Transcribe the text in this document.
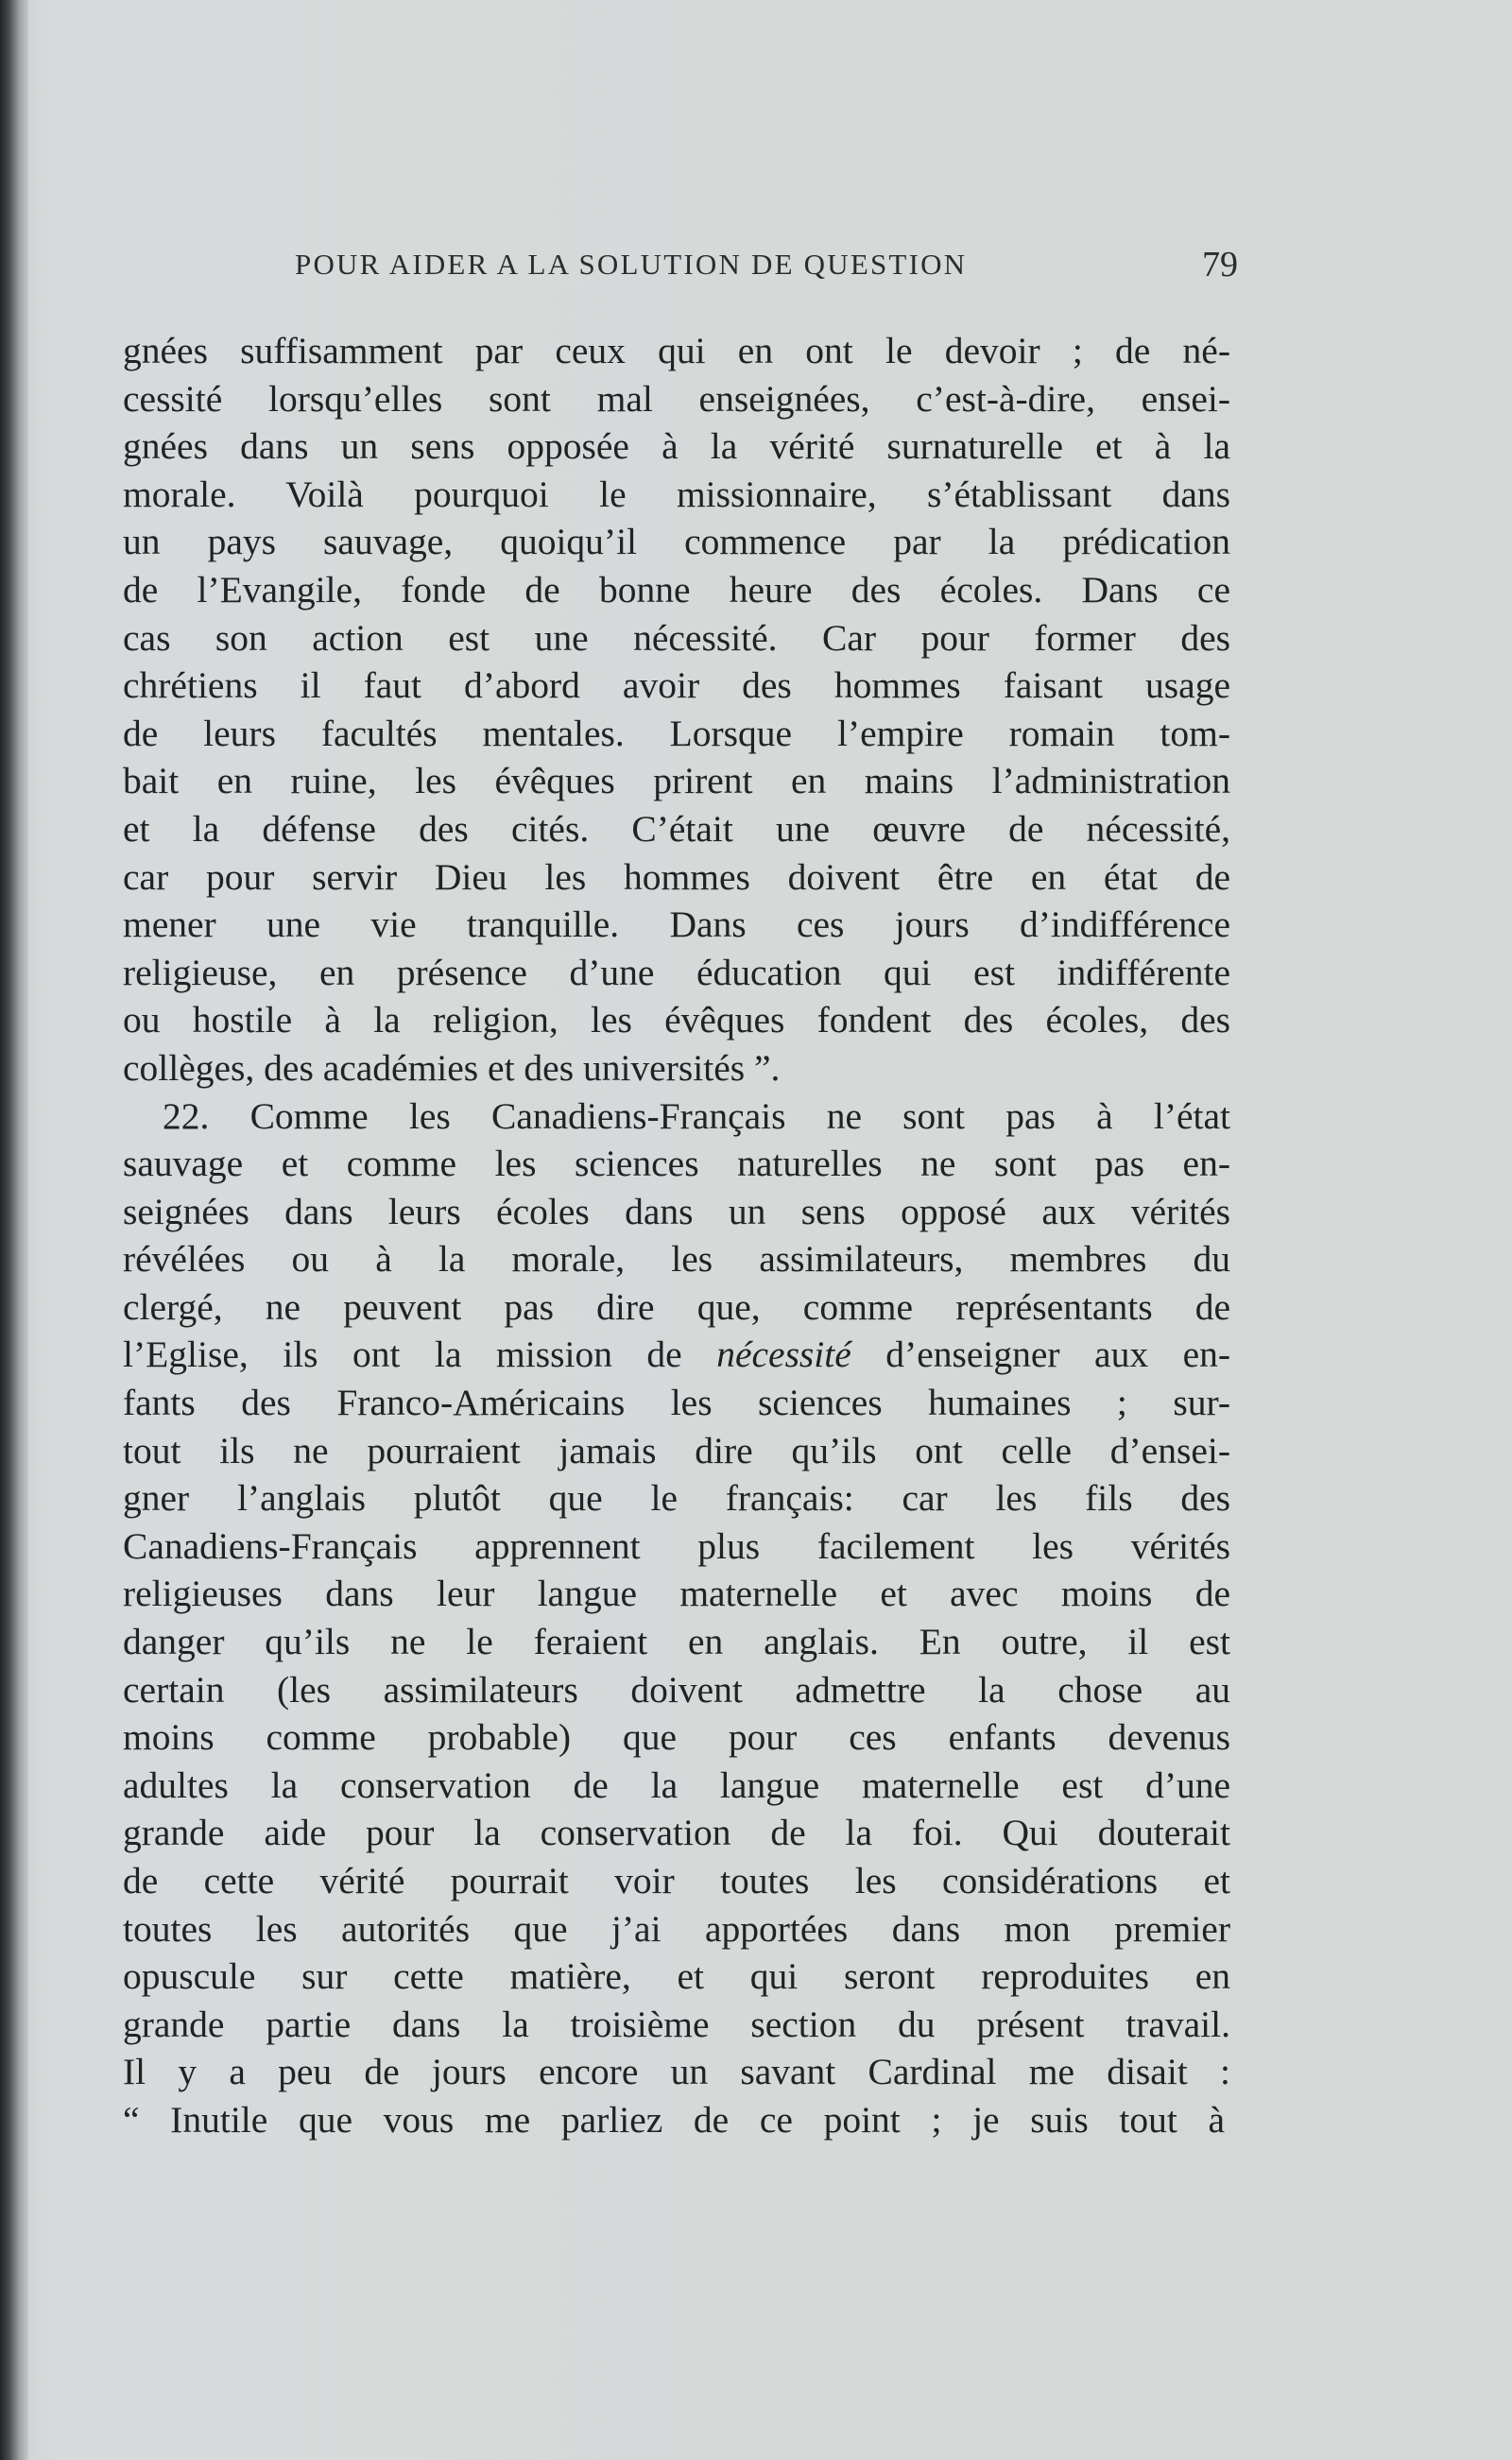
POUR AIDER A LA SOLUTION DE QUESTION	79
gnées suffisamment par ceux qui en ont le devoir ; de né-
cessité lorsqu’elles sont mal enseignées, c’est-à-dire, ensei-
gnées dans un sens opposée à la vérité surnaturelle et à la
morale. Voilà pourquoi le missionnaire, s’établissant dans
un pays sauvage, quoiqu’il commence par la prédication
de l’Evangile, fonde de bonne heure des écoles. Dans ce
cas son action est une nécessité. Car pour former des
chrétiens il faut d’abord avoir des hommes faisant usage
de leurs facultés mentales. Lorsque l’empire romain tom-
bait en ruine, les évêques prirent en mains l’administration
et la défense des cités. C’était une œuvre de nécessité,
car pour servir Dieu les hommes doivent être en état de
mener une vie tranquille. Dans ces jours d’indifférence
religieuse, en présence d’une éducation qui est indifférente
ou hostile à la religion, les évêques fondent des écoles, des
collèges, des académies et des universités ”.
22. Comme les Canadiens-Français ne sont pas à l’état
sauvage et comme les sciences naturelles ne sont pas en-
seignées dans leurs écoles dans un sens opposé aux vérités
révélées ou à la morale, les assimilateurs, membres du
clergé, ne peuvent pas dire que, comme représentants de
l’Eglise, ils ont la mission de nécessité d’enseigner aux en-
fants des Franco-Américains les sciences humaines ; sur-
tout ils ne pourraient jamais dire qu’ils ont celle d’ensei-
gner l’anglais plutôt que le français: car les fils des
Canadiens-Français apprennent plus facilement les vérités
religieuses dans leur langue maternelle et avec moins de
danger qu’ils ne le feraient en anglais. En outre, il est
certain (les assimilateurs doivent admettre la chose au
moins comme probable) que pour ces enfants devenus
adultes la conservation de la langue maternelle est d’une
grande aide pour la conservation de la foi. Qui douterait
de cette vérité pourrait voir toutes les considérations et
toutes les autorités que j’ai apportées dans mon premier
opuscule sur cette matière, et qui seront reproduites en
grande partie dans la troisième section du présent travail.
Il y a peu de jours encore un savant Cardinal me disait :
“ Inutile que vous me parliez de ce point ; je suis tout à
